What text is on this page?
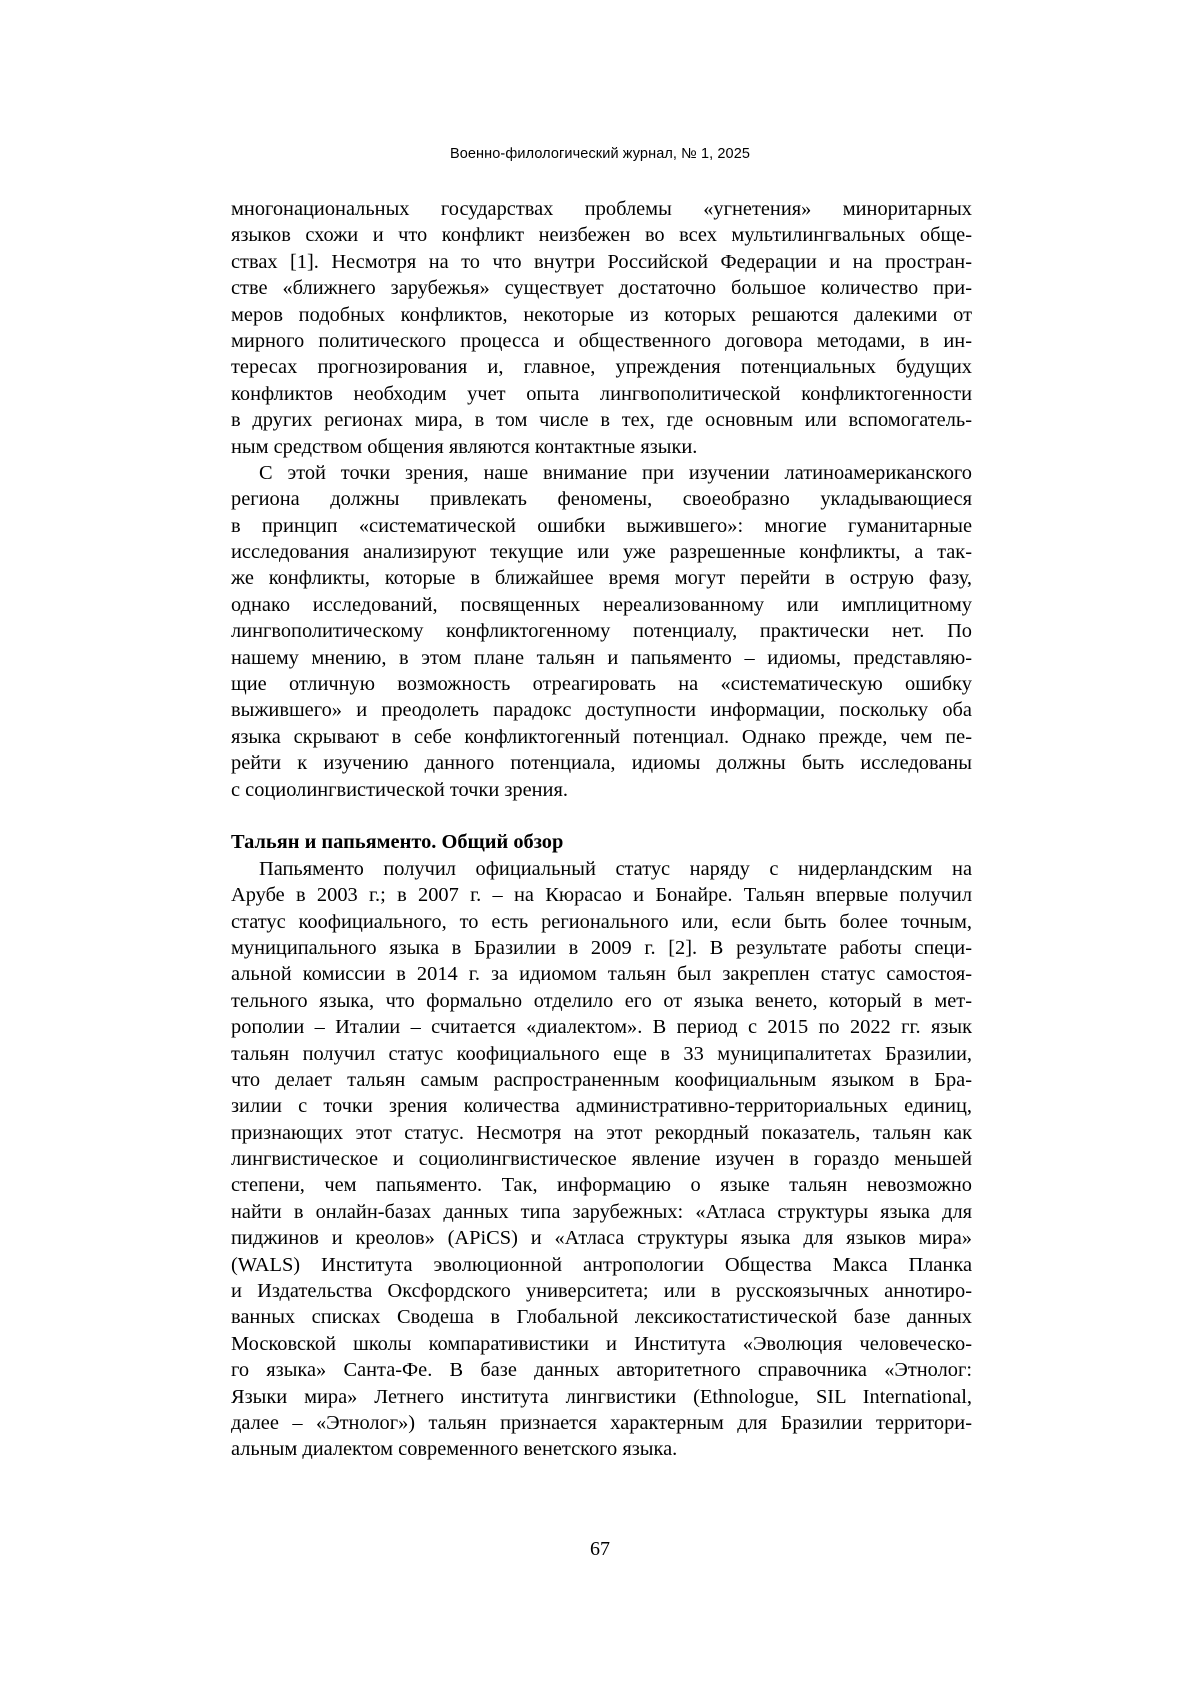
Военно-филологический журнал, № 1, 2025
многонациональных государствах проблемы «угнетения» миноритарных
языков схожи и что конфликт неизбежен во всех мультилингвальных обще-
ствах [1]. Несмотря на то что внутри Российской Федерации и на простран-
стве «ближнего зарубежья» существует достаточно большое количество при-
меров подобных конфликтов, некоторые из которых решаются далекими от
мирного политического процесса и общественного договора методами, в ин-
тересах прогнозирования и, главное, упреждения потенциальных будущих
конфликтов необходим учет опыта лингвополитической конфликтогенности
в других регионах мира, в том числе в тех, где основным или вспомогатель-
ным средством общения являются контактные языки.
С этой точки зрения, наше внимание при изучении латиноамериканского
региона должны привлекать феномены, своеобразно укладывающиеся
в принцип «систематической ошибки выжившего»: многие гуманитарные
исследования анализируют текущие или уже разрешенные конфликты, а так-
же конфликты, которые в ближайшее время могут перейти в острую фазу,
однако исследований, посвященных нереализованному или имплицитному
лингвополитическому конфликтогенному потенциалу, практически нет. По
нашему мнению, в этом плане тальян и папьяменто – идиомы, представляю-
щие отличную возможность отреагировать на «систематическую ошибку
выжившего» и преодолеть парадокс доступности информации, поскольку оба
языка скрывают в себе конфликтогенный потенциал. Однако прежде, чем пе-
рейти к изучению данного потенциала, идиомы должны быть исследованы
с социолингвистической точки зрения.
Тальян и папьяменто. Общий обзор
Папьяменто получил официальный статус наряду с нидерландским на
Арубе в 2003 г.; в 2007 г. – на Кюрасао и Бонайре. Тальян впервые получил
статус коофициального, то есть регионального или, если быть более точным,
муниципального языка в Бразилии в 2009 г. [2]. В результате работы специ-
альной комиссии в 2014 г. за идиомом тальян был закреплен статус самостоя-
тельного языка, что формально отделило его от языка венето, который в мет-
рополии – Италии – считается «диалектом». В период с 2015 по 2022 гг. язык
тальян получил статус коофициального еще в 33 муниципалитетах Бразилии,
что делает тальян самым распространенным коофициальным языком в Бра-
зилии с точки зрения количества административно-территориальных единиц,
признающих этот статус. Несмотря на этот рекордный показатель, тальян как
лингвистическое и социолингвистическое явление изучен в гораздо меньшей
степени, чем папьяменто. Так, информацию о языке тальян невозможно
найти в онлайн-базах данных типа зарубежных: «Атласа структуры языка для
пиджинов и креолов» (APiCS) и «Атласа структуры языка для языков мира»
(WALS) Института эволюционной антропологии Общества Макса Планка
и Издательства Оксфордского университета; или в русскоязычных аннотиро-
ванных списках Сводеша в Глобальной лексикостатистической базе данных
Московской школы компаративистики и Института «Эволюция человеческо-
го языка» Санта-Фе. В базе данных авторитетного справочника «Этнолог:
Языки мира» Летнего института лингвистики (Ethnologue, SIL International,
далее – «Этнолог») тальян признается характерным для Бразилии территори-
альным диалектом современного венетского языка.
67
